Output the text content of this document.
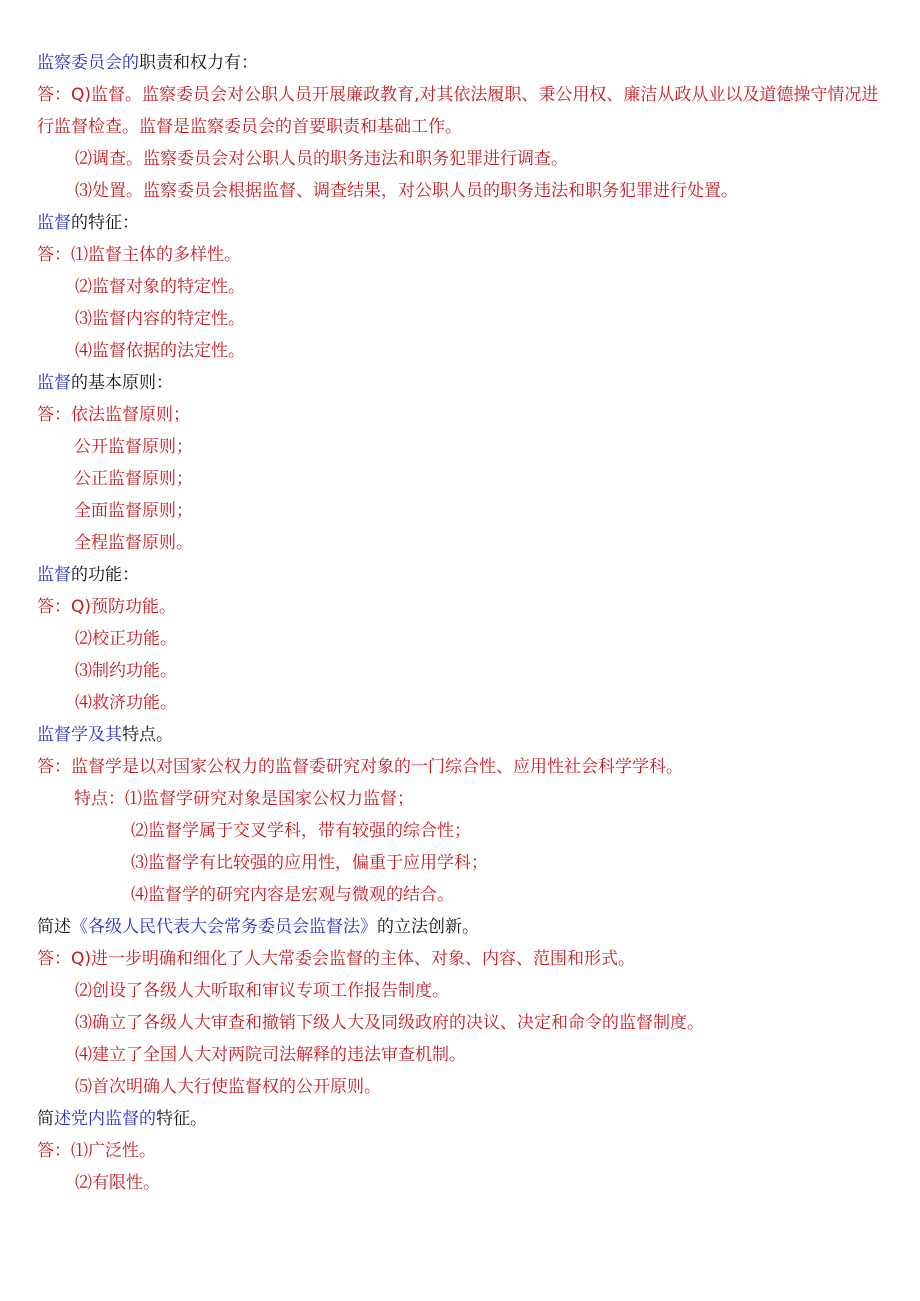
监察委员会的职责和权力有：
答：Q)监督。监察委员会对公职人员开展廉政教育,对其依法履职、秉公用权、廉洁从政从业以及道德操守情况进
行监督检查。监督是监察委员会的首要职责和基础工作。
⑵调查。监察委员会对公职人员的职务违法和职务犯罪进行调查。
⑶处置。监察委员会根据监督、调查结果，对公职人员的职务违法和职务犯罪进行处置。
监督的特征：
答：⑴监督主体的多样性。
⑵监督对象的特定性。
⑶监督内容的特定性。
⑷监督依据的法定性。
监督的基本原则：
答：依法监督原则；
公开监督原则；
公正监督原则；
全面监督原则；
全程监督原则。
监督的功能：
答：Q)预防功能。
⑵校正功能。
⑶制约功能。
⑷救济功能。
监督学及其特点。
答：监督学是以对国家公权力的监督委研究对象的一门综合性、应用性社会科学学科。
特点：⑴监督学研究对象是国家公权力监督；
⑵监督学属于交叉学科，带有较强的综合性；
⑶监督学有比较强的应用性，偏重于应用学科；
⑷监督学的研究内容是宏观与微观的结合。
简述《各级人民代表大会常务委员会监督法》的立法创新。
答：Q)进一步明确和细化了人大常委会监督的主体、对象、内容、范围和形式。
⑵创设了各级人大听取和审议专项工作报告制度。
⑶确立了各级人大审查和撤销下级人大及同级政府的决议、决定和命令的监督制度。
⑷建立了全国人大对两院司法解释的违法审查机制。
⑸首次明确人大行使监督权的公开原则。
简述党内监督的特征。
答：⑴广泛性。
⑵有限性。
